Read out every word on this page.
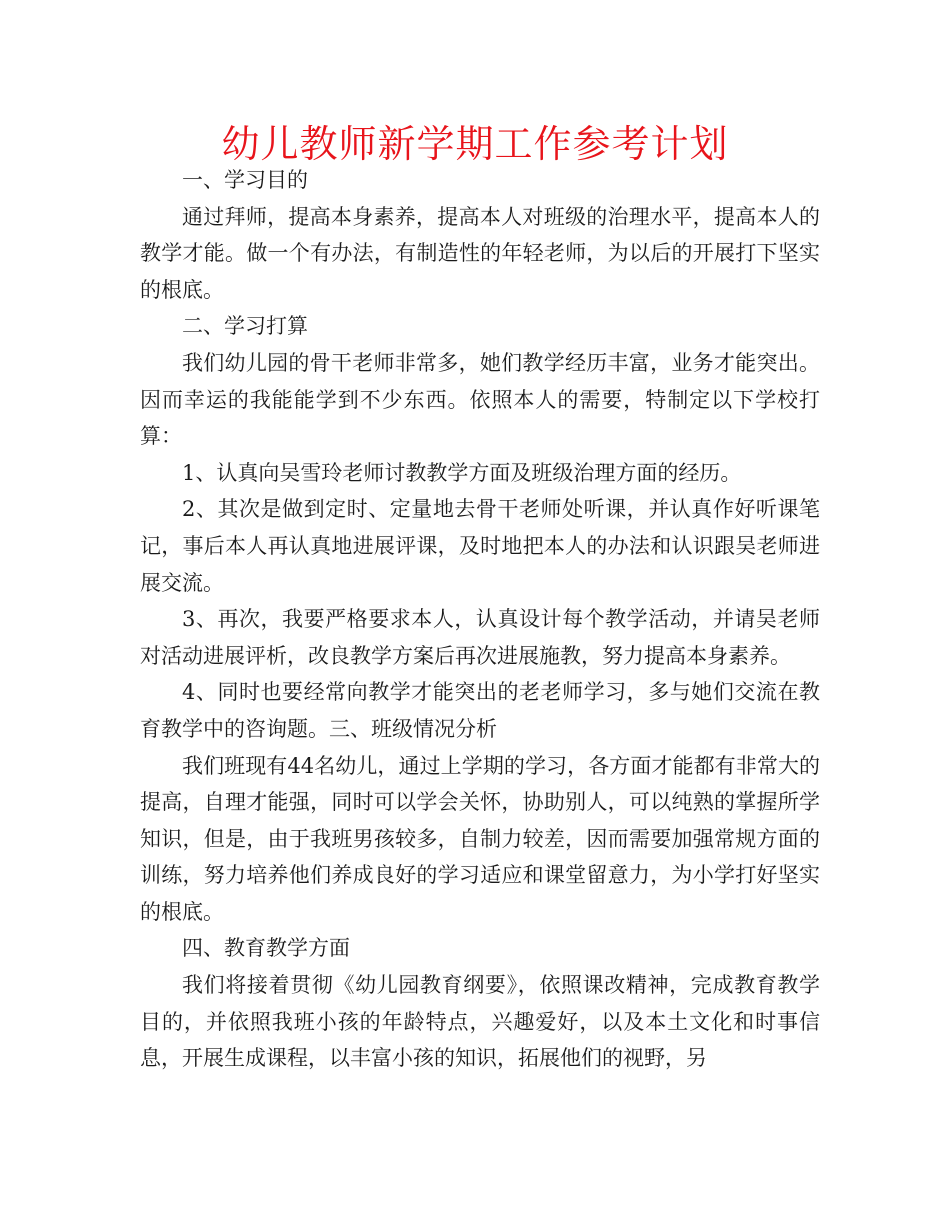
幼儿教师新学期工作参考计划

一、学习目的

通过拜师，提高本身素养，提高本人对班级的治理水平，提高本人的教学才能。做一个有办法，有制造性的年轻老师，为以后的开展打下坚实的根底。

二、学习打算

我们幼儿园的骨干老师非常多，她们教学经历丰富，业务才能突出。因而幸运的我能能学到不少东西。依照本人的需要，特制定以下学校打算：

1、认真向吴雪玲老师讨教教学方面及班级治理方面的经历。

2、其次是做到定时、定量地去骨干老师处听课，并认真作好听课笔记，事后本人再认真地进展评课，及时地把本人的办法和认识跟吴老师进展交流。

3、再次，我要严格要求本人，认真设计每个教学活动，并请吴老师对活动进展评析，改良教学方案后再次进展施教，努力提高本身素养。

4、同时也要经常向教学才能突出的老老师学习，多与她们交流在教育教学中的咨询题。三、班级情况分析

我们班现有44名幼儿，通过上学期的学习，各方面才能都有非常大的提高，自理才能强，同时可以学会关怀，协助别人，可以纯熟的掌握所学知识，但是，由于我班男孩较多，自制力较差，因而需要加强常规方面的训练，努力培养他们养成良好的学习适应和课堂留意力，为小学打好坚实的根底。

四、教育教学方面

我们将接着贯彻《幼儿园教育纲要》，依照课改精神，完成教育教学目的，并依照我班小孩的年龄特点，兴趣爱好，以及本土文化和时事信息，开展生成课程，以丰富小孩的知识，拓展他们的视野，另
